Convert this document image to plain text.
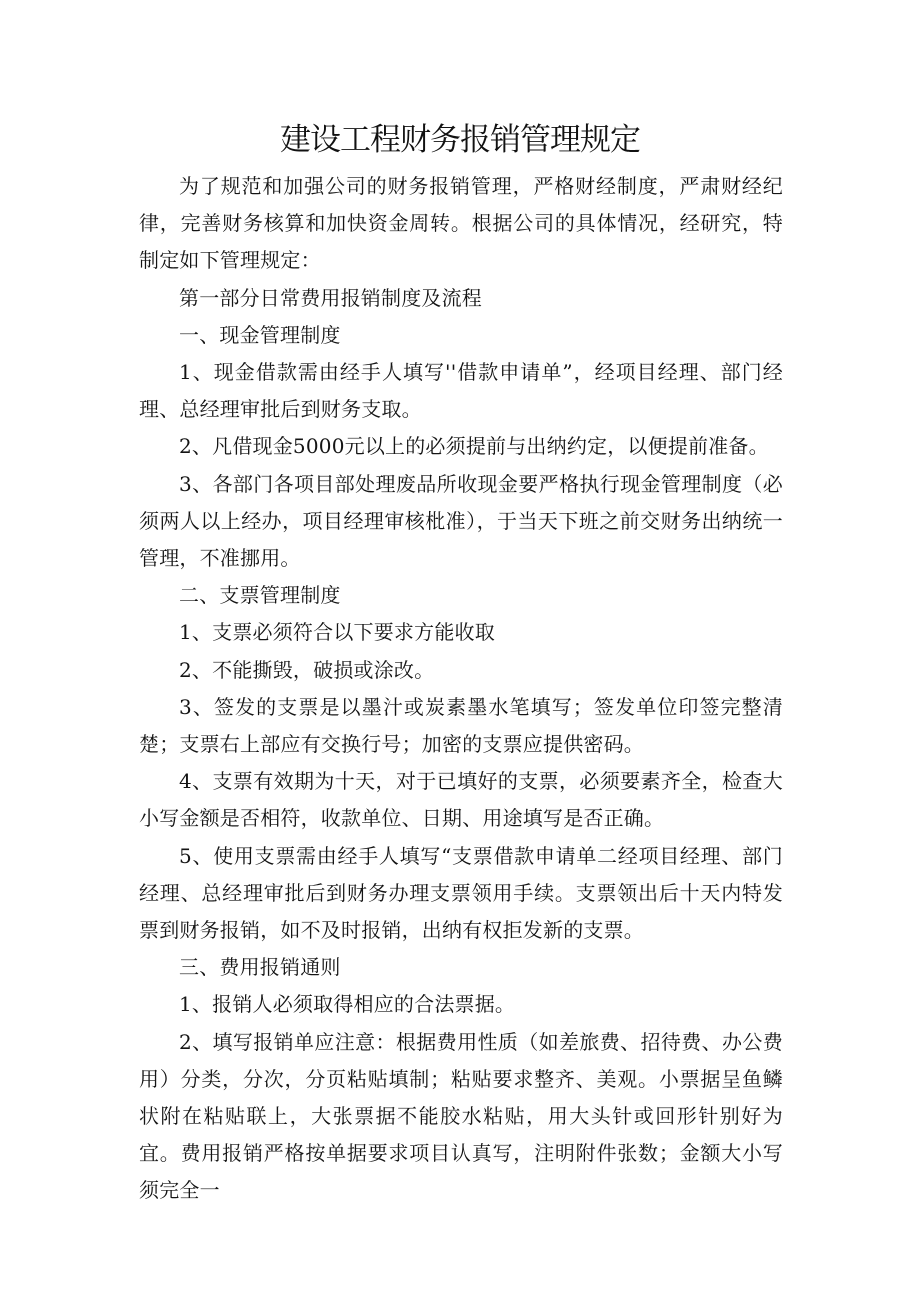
建设工程财务报销管理规定

为了规范和加强公司的财务报销管理，严格财经制度，严肃财经纪律，完善财务核算和加快资金周转。根据公司的具体情况，经研究，特制定如下管理规定：

第一部分日常费用报销制度及流程

一、现金管理制度

1、现金借款需由经手人填写''借款申请单”，经项目经理、部门经理、总经理审批后到财务支取。

2、凡借现金5000元以上的必须提前与出纳约定，以便提前准备。

3、各部门各项目部处理废品所收现金要严格执行现金管理制度（必须两人以上经办，项目经理审核枇准），于当天下班之前交财务出纳统一管理，不准挪用。

二、支票管理制度

1、支票必须符合以下要求方能收取

2、不能撕毁，破损或涂改。

3、签发的支票是以墨汁或炭素墨水笔填写；签发单位印签完整清楚；支票右上部应有交换行号；加密的支票应提供密码。

4、支票有效期为十天，对于已填好的支票，必须要素齐全，检查大小写金额是否相符，收款单位、日期、用途填写是否正确。

5、使用支票需由经手人填写“支票借款申请单二经项目经理、部门经理、总经理审批后到财务办理支票领用手续。支票领出后十天内特发票到财务报销，如不及时报销，出纳有权拒发新的支票。

三、费用报销通则

1、报销人必须取得相应的合法票据。

2、填写报销单应注意：根据费用性质（如差旅费、招待费、办公费用）分类，分次，分页粘贴填制；粘贴要求整齐、美观。小票据呈鱼鳞状附在粘贴联上，大张票据不能胶水粘贴，用大头针或回形针别好为宜。费用报销严格按单据要求项目认真写，注明附件张数；金额大小写须完全一
